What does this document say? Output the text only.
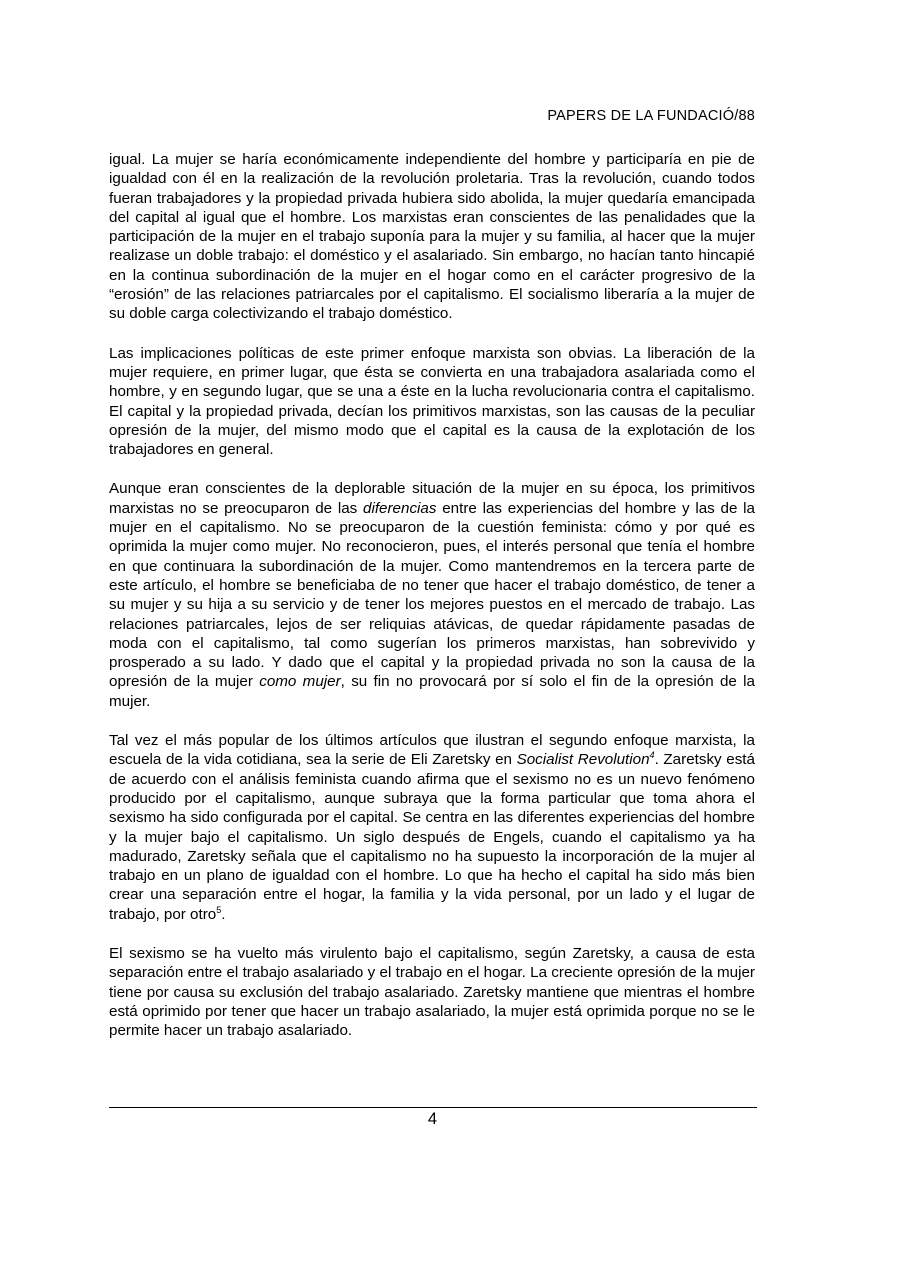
PAPERS DE LA FUNDACIÓ/88

igual. La mujer se haría económicamente independiente del hombre y participaría en pie de igualdad con él en la realización de la revolución proletaria. Tras la revolución, cuando todos fueran trabajadores y la propiedad privada hubiera sido abolida, la mujer quedaría emancipada del capital al igual que el hombre. Los marxistas eran conscientes de las penalidades que la participación de la mujer en el trabajo suponía para la mujer y su familia, al hacer que la mujer realizase un doble trabajo: el doméstico y el asalariado. Sin embargo, no hacían tanto hincapié en la continua subordinación de la mujer en el hogar como en el carácter progresivo de la “erosión” de las relaciones patriarcales por el capitalismo. El socialismo liberaría a la mujer de su doble carga colectivizando el trabajo doméstico.

Las implicaciones políticas de este primer enfoque marxista son obvias. La liberación de la mujer requiere, en primer lugar, que ésta se convierta en una trabajadora asalariada como el hombre, y en segundo lugar, que se una a éste en la lucha revolucionaria contra el capitalismo. El capital y la propiedad privada, decían los primitivos marxistas, son las causas de la peculiar opresión de la mujer, del mismo modo que el capital es la causa de la explotación de los trabajadores en general.

Aunque eran conscientes de la deplorable situación de la mujer en su época, los primitivos marxistas no se preocuparon de las diferencias entre las experiencias del hombre y las de la mujer en el capitalismo. No se preocuparon de la cuestión feminista: cómo y por qué es oprimida la mujer como mujer. No reconocieron, pues, el interés personal que tenía el hombre en que continuara la subordinación de la mujer. Como mantendremos en la tercera parte de este artículo, el hombre se beneficiaba de no tener que hacer el trabajo doméstico, de tener a su mujer y su hija a su servicio y de tener los mejores puestos en el mercado de trabajo. Las relaciones patriarcales, lejos de ser reliquias atávicas, de quedar rápidamente pasadas de moda con el capitalismo, tal como sugerían los primeros marxistas, han sobrevivido y prosperado a su lado. Y dado que el capital y la propiedad privada no son la causa de la opresión de la mujer como mujer, su fin no provocará por sí solo el fin de la opresión de la mujer.

Tal vez el más popular de los últimos artículos que ilustran el segundo enfoque marxista, la escuela de la vida cotidiana, sea la serie de Eli Zaretsky en Socialist Revolution$^4$. Zaretsky está de acuerdo con el análisis feminista cuando afirma que el sexismo no es un nuevo fenómeno producido por el capitalismo, aunque subraya que la forma particular que toma ahora el sexismo ha sido configurada por el capital. Se centra en las diferentes experiencias del hombre y la mujer bajo el capitalismo. Un siglo después de Engels, cuando el capitalismo ya ha madurado, Zaretsky señala que el capitalismo no ha supuesto la incorporación de la mujer al trabajo en un plano de igualdad con el hombre. Lo que ha hecho el capital ha sido más bien crear una separación entre el hogar, la familia y la vida personal, por un lado y el lugar de trabajo, por otro$^5$.

El sexismo se ha vuelto más virulento bajo el capitalismo, según Zaretsky, a causa de esta separación entre el trabajo asalariado y el trabajo en el hogar. La creciente opresión de la mujer tiene por causa su exclusión del trabajo asalariado. Zaretsky mantiene que mientras el hombre está oprimido por tener que hacer un trabajo asalariado, la mujer está oprimida porque no se le permite hacer un trabajo asalariado.

4
